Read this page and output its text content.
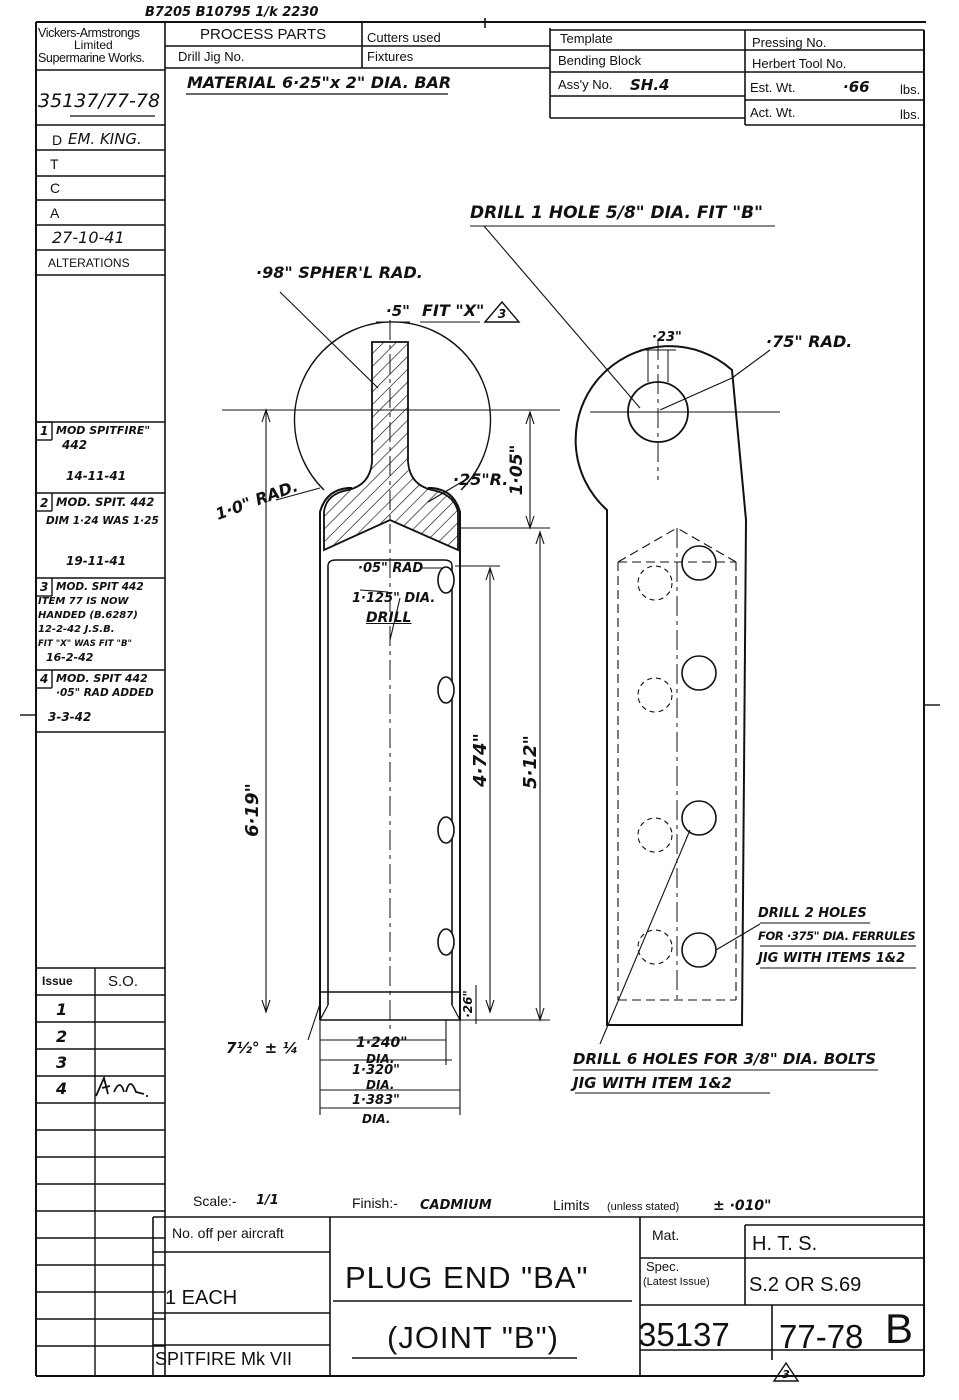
6·19"
4·74" 5·12"
1·05"
·26"
1·0" RAD.
3
3
B7205 B10795 1/k 2230
Vickers-Armstrongs
Limited
Supermarine Works.
PROCESS PARTS	Cutters used	Template	Pressing No.
Drill Jig No.	Fixtures	Bending Block	Herbert Tool No.
MATERIAL 6·25"x 2" DIA. BAR	Ass'y No. SH.4	Est. Wt.	·66 lbs.
Act. Wt.	lbs.
35137/77-78
D EM. KING.
T
C
A
27-10-41
ALTERATIONS
1 MOD SPITFIRE"
442
14-11-41
2 MOD. SPIT. 442
DIM 1·24 WAS 1·25
19-11-41
3 MOD. SPIT 442
ITEM 77 IS NOW
HANDED (B.6287)
12-2-42 J.S.B.
FIT "X" WAS FIT "B"
16-2-42
4 MOD. SPIT 442
·05" RAD ADDED
3-3-42
Issue S.O.
1
2
3
4
·98" SPHER'L RAD.
·5" FIT "X"
·25"R.
·05" RAD
1·125" DIA.
DRILL
7½° ± ¼	1·240"
DIA.
1·320"
DIA.
1·383"
DIA.
DRILL 1 HOLE 5/8" DIA. FIT "B"
·23"	·75" RAD.
DRILL 2 HOLES
FOR ·375" DIA. FERRULES
JIG WITH ITEMS 1&2
DRILL 6 HOLES FOR 3/8" DIA. BOLTS
JIG WITH ITEM 1&2
Scale:- 1/1	Finish:- CADMIUM	Limits (unless stated) ± ·010"
No. off per aircraft
1 EACH
SPITFIRE Mk VII
PLUG END "BA"
(JOINT "B")
Mat.	H. T. S.
Spec.
(Latest Issue) S.2 OR S.69
35137 77-78 B
